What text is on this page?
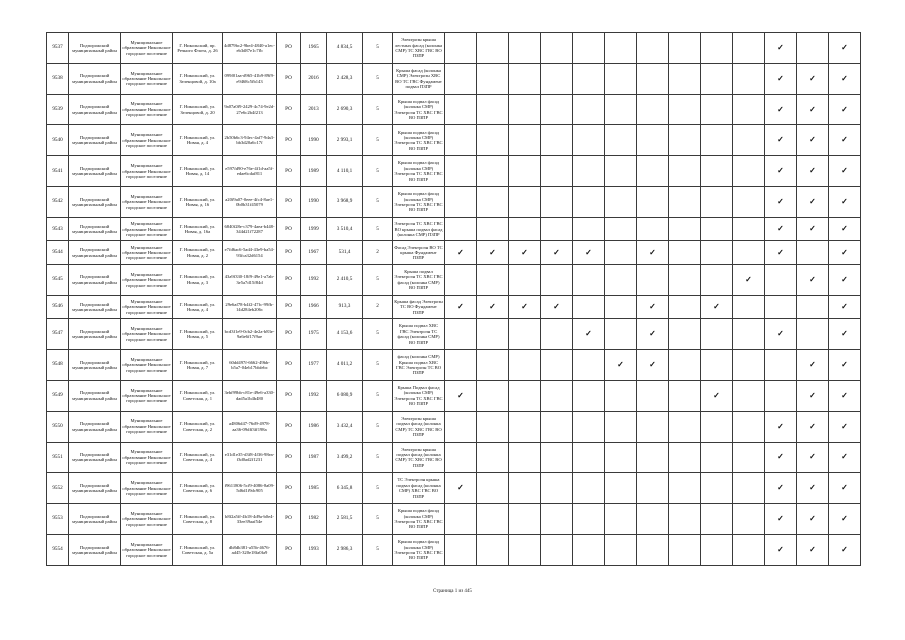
9537	Подпорожский муниципальный район	Муниципальное образование Никольское городское поселение	Г. Никольский, пр. Речного Флота, д. 26	4d879bc2-9be4-4840-a1ec-eb3d87e1c7fb	РО	1965	4 834,5	5	Электроэн крыша лестных фасад (колонка СМР) ТС ХВС ГВС ВО ПЗПР											✓		✓
9538	Подпорожский муниципальный район	Муниципальное образование Никольское городское поселение	Г. Никольский, ул. Зеленцовой, д. 10а	099f01aa-d965-41b9-89f9-e9468c5fb143	РО	2016	2 428,3	5	Крыша фасад (колонка СМР) Электроэн ХВС ВО ТС ГВС Фундамент подвал ПЗПР											✓	✓	✓
9539	Подпорожский муниципальный район	Муниципальное образование Никольское городское поселение	Г. Никольский, ул. Зеленцовой, д. 20	9a07a0f9-2429-4c74-9e2d-27e6c2b4f213	РО	2013	2 690,3	5	Крыша подвал фасад (колонка СМР) Электроэн ТС ХВС ГВС ВО ПЗПР											✓	✓	✓
9540	Подпорожский муниципальный район	Муниципальное образование Никольское городское поселение	Г. Никольский, ул. Новая, д. 4	2b50b6c3-94ec-4af7-9da3-bb3d20a6c17f	РО	1990	2 993,1	5	Крыша подвал фасад (колонка СМР) Электроэн ТС ХВС ГВС ВО ПЗПР											✓	✓	✓
9541	Подпорожский муниципальный район	Муниципальное образование Никольское городское поселение	Г. Никольский, ул. Новая, д. 14	e597fd90-e76e-4f1d-aa5f-edae6cdaf811	РО	1989	4 110,1	5	Крыша подвал фасад (колонка СМР) Электроэн ТС ХВС ГВС ВО ПЗПР											✓	✓	✓
9542	Подпорожский муниципальный район	Муниципальное образование Никольское городское поселение	Г. Никольский, ул. Новая, д. 16	a20f9a07-0eee-4fc4-8ae1-0b0b31f45079	РО	1990	3 968,9	5	Крыша подвал фасад (колонка СМР) Электроэн ТС ХВС ГВС ВО ПЗПР											✓	✓	✓
9543	Подпорожский муниципальный район	Муниципальное образование Никольское городское поселение	Г. Никольский, ул. Новая, д. 16а	6840f28e-c379-4aea-b448-344d21f72287	РО	1999	3 510,4	5	Электроэн ТС ХВС ГВС ВО крыша подвал фасад (колонка СМР) ПЗПР											✓	✓	✓
9544	Подпорожский муниципальный район	Муниципальное образование Никольское городское поселение	Г. Никольский, ул. Новая, д. 2	e7fd6ac6-5ad4-43e9-ba54-93fca32d6154	РО	1967	531,4	2	Фасад Электроэн ВО ТС крыша Фундамент ПЗПР	✓	✓	✓	✓	✓		✓				✓		✓
9545	Подпорожский муниципальный район	Муниципальное образование Никольское городское поселение	Г. Никольский, ул. Новая, д. 3	43a9f330-18f9-49e1-a7ab-3e5a7d15f84d	РО	1992	2 410,5	5	Крыша подвал Электроэн ТС ХВС ГВС фасад (колонка СМР) ВО ПЗПР										✓		✓	✓
9546	Подпорожский муниципальный район	Муниципальное образование Никольское городское поселение	Г. Никольский, ул. Новая, д. 4	29e6af78-b4f2-47fc-99fb-14d284eb206c	РО	1966	913,3	2	Крыша фасад Электроэн ТС ВО Фундамент ПЗПР	✓	✓	✓	✓			✓		✓				✓
9547	Подпорожский муниципальный район	Муниципальное образование Никольское городское поселение	Г. Никольский, ул. Новая, д. 5	bcd3f1e9-0cb2-4e2a-b83e-9a6e6f17f9ae	РО	1975	4 153,6	5	Крыша подвал ХВС ГВС Электроэн ТС фасад (колонка СМР) ВО ПЗПР					✓		✓				✓		✓
9548	Подпорожский муниципальный район	Муниципальное образование Никольское городское поселение	Г. Никольский, ул. Новая, д. 7	60dd497f-6662-49bb-b5a7-04eb17bbfebc	РО	1977	4 011,2	5	фасад (колонка СМР) Крыша подвал ХВС ГВС Электроэн ТС ВО ПЗПР						✓	✓					✓	✓
9549	Подпорожский муниципальный район	Муниципальное образование Никольское городское поселение	Г. Никольский, ул. Советская, д. 1	3ebf99bb-c81e-49e6-a330-dad5a1b4b480	РО	1992	6 080,9	5	Крыша Подвал фасад (колонка СМР) Электроэн ТС ХВС ГВС ВО ПЗПР	✓								✓			✓	✓
9550	Подпорожский муниципальный район	Муниципальное образование Никольское городское поселение	Г. Никольский, ул. Советская, д. 2	a4806d47-76d9-4978-aa36-09dff3ff198a	РО	1986	3 432,4	5	Электроэн крыша подвал фасад (колонка СМР) ТС ХВС ГВС ВО ПЗПР											✓	✓	✓
9551	Подпорожский муниципальный район	Муниципальное образование Никольское городское поселение	Г. Никольский, ул. Советская, д. 4	e31d1e35-d3f8-4f36-98ea-f3d0ad2f1231	РО	1987	3 499,2	5	Электроэн крыша подвал фасад (колонка СМР) ТС ХВС ГВС ВО ПЗПР											✓	✓	✓
9552	Подпорожский муниципальный район	Муниципальное образование Никольское городское поселение	Г. Никольский, ул. Советская, д. 6	f9611806-5cf9-4086-8a09-5d6d1f9dc905	РО	1985	6 345,8	5	ТС Электроэн крыша подвал фасад (колонка СМР) ХВС ГВС ВО ПЗПР	✓										✓	✓	✓
9553	Подпорожский муниципальный район	Муниципальное образование Никольское городское поселение	Г. Никольский, ул. Советская, д. 8	b8f2a5ff-4b18-4d9a-b0e4-33ee39aaf54e	РО	1982	2 581,5	5	Крыша подвал фасад (колонка СМР) Электроэн ТС ХВС ГВС ВО ПЗПР											✓	✓	✓
9554	Подпорожский муниципальный район	Муниципальное образование Никольское городское поселение	Г. Никольский, ул. Советская, д. 5а	db8db381-a55b-4676-ad45-320e18fa0fa9	РО	1993	2 986,3	5	Крыша подвал фасад (колонка СМР) Электроэн ТС ХВС ГВС ВО ПЗПР											✓	✓	✓
Страница 1 из 445
